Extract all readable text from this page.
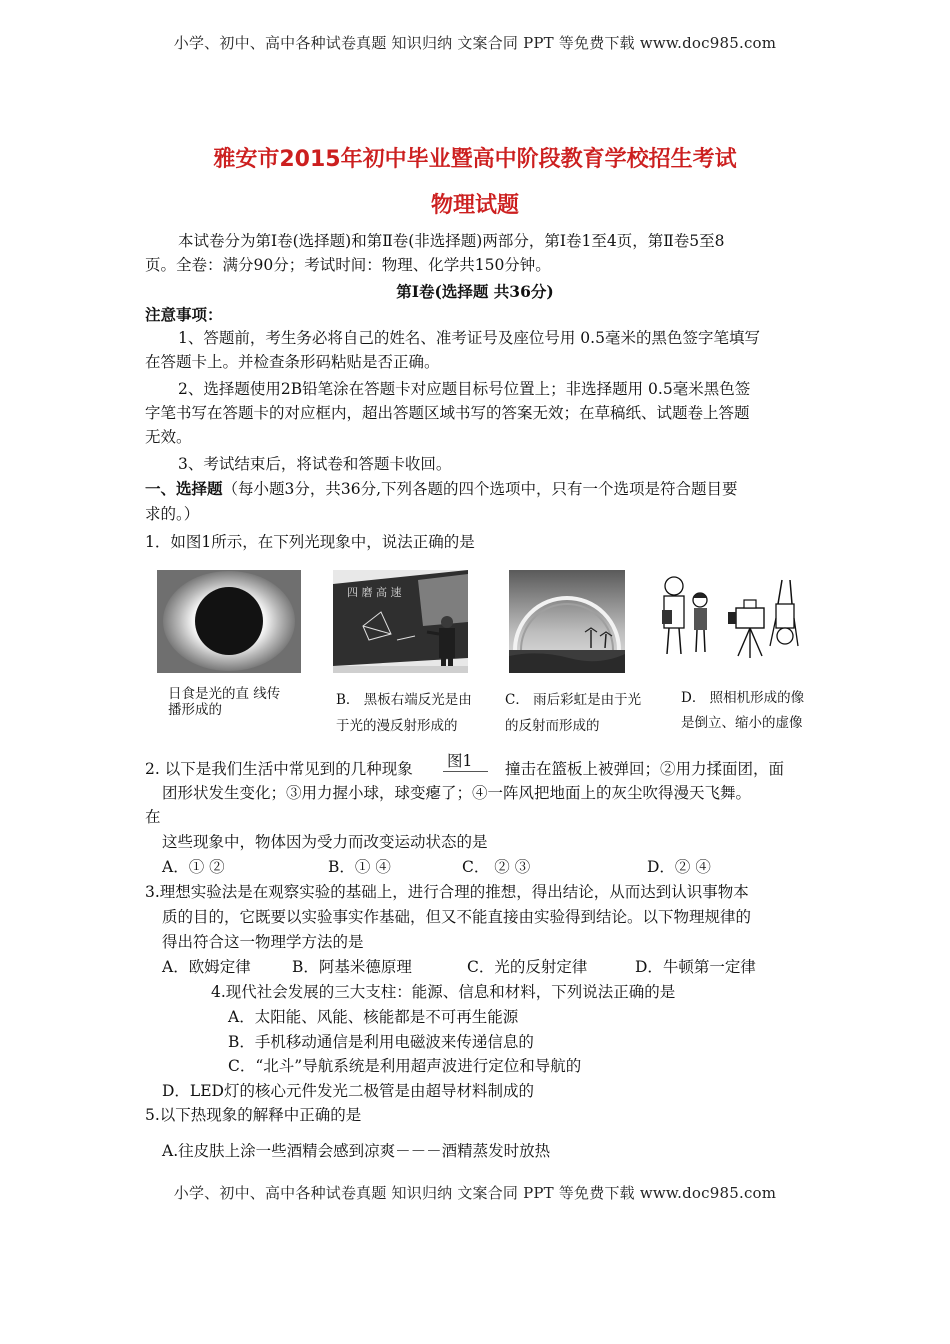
小学、初中、高中各种试卷真题 知识归纳 文案合同 PPT 等免费下载 www.doc985.com
雅安市2015年初中毕业暨高中阶段教育学校招生考试
物理试题
本试卷分为第Ⅰ卷(选择题)和第Ⅱ卷(非选择题)两部分，第Ⅰ卷1至4页，第Ⅱ卷5至8
页。全卷：满分90分；考试时间：物理、化学共150分钟。
第Ⅰ卷(选择题 共36分)
注意事项：
1、答题前，考生务必将自己的姓名、准考证号及座位号用 0.5毫米的黑色签字笔填写
在答题卡上。并检查条形码粘贴是否正确。
2、选择题使用2B铅笔涂在答题卡对应题目标号位置上；非选择题用 0.5毫米黑色签
字笔书写在答题卡的对应框内，超出答题区域书写的答案无效；在草稿纸、试题卷上答题
无效。
3、考试结束后，将试卷和答题卡收回。
一、选择题（每小题3分，共36分,下列各题的四个选项中，只有一个选项是符合题目要
求的。）
1．如图1所示，在下列光现象中，说法正确的是
四 磨 高 速
日食是光的直 线传
播形成的
B． 黑板右端反光是由
于光的漫反射形成的
C． 雨后彩虹是由于光
的反射而形成的
D． 照相机形成的像
是倒立、缩小的虚像
2. 以下是我们生活中常见到的几种现象 图1	撞击在篮板上被弹回；②用力揉面团，面
团形状发生变化；③用力握小球，球变瘪了；④一阵风把地面上的灰尘吹得漫天飞舞。
在
这些现象中，物体因为受力而改变运动状态的是
A．① ②	B．① ④	C． ② ③	D．② ④
3.理想实验法是在观察实验的基础上，进行合理的推想，得出结论，从而达到认识事物本
质的目的，它既要以实验事实作基础，但又不能直接由实验得到结论。以下物理规律的
得出符合这一物理学方法的是
A．欧姆定律	B．阿基米德原理	C．光的反射定律	D．牛顿第一定律
4.现代社会发展的三大支柱：能源、信息和材料，下列说法正确的是
A．太阳能、风能、核能都是不可再生能源
B．手机移动通信是利用电磁波来传递信息的
C．“北斗”导航系统是利用超声波进行定位和导航的
D．LED灯的核心元件发光二极管是由超导材料制成的
5.以下热现象的解释中正确的是
A.往皮肤上涂一些酒精会感到凉爽－－－酒精蒸发时放热
小学、初中、高中各种试卷真题 知识归纳 文案合同 PPT 等免费下载 www.doc985.com
